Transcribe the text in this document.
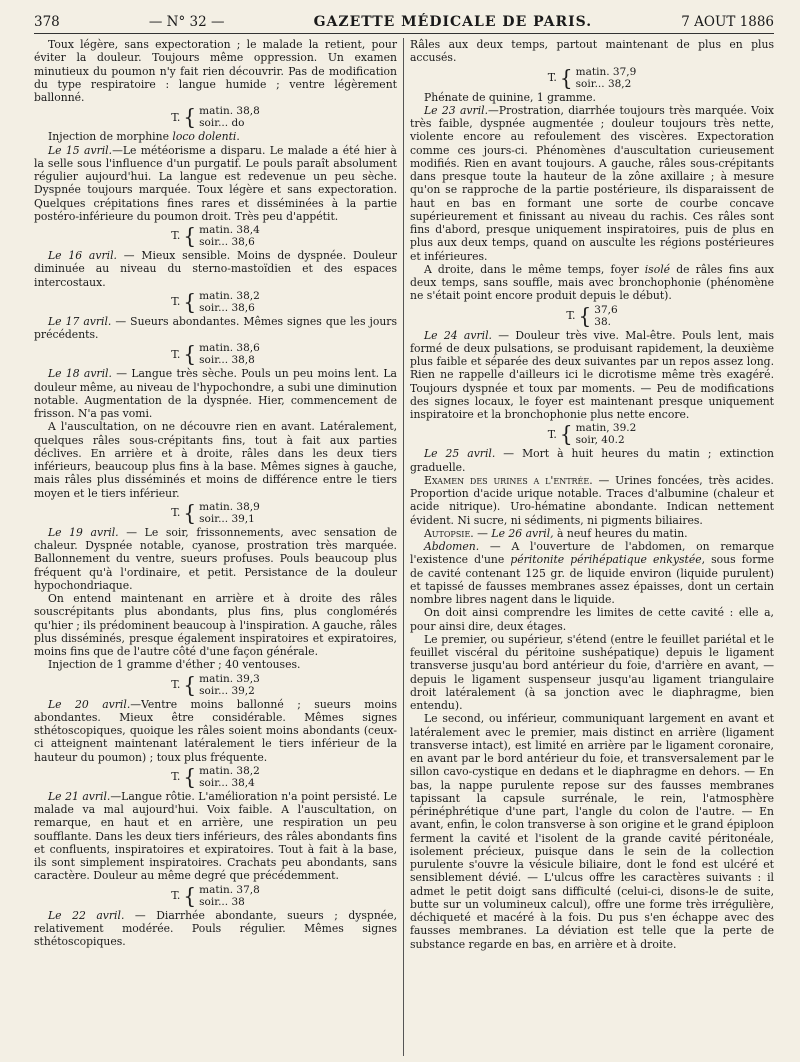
378	— N° 32 —	GAZETTE MÉDICALE DE PARIS.	7 AOUT 1886

Toux légère, sans expectoration ; le malade la retient, pour éviter la douleur. Toujours même oppression. Un examen minutieux du poumon n'y fait rien découvrir. Pas de modification du type respiratoire : langue humide ; ventre légèrement ballonné.

T. { matin. 38,8
soir... do

Injection de morphine loco dolenti.

Le 15 avril.—Le météorisme a disparu. Le malade a été hier à la selle sous l'influence d'un purgatif. Le pouls paraît absolument régulier aujourd'hui. La langue est redevenue un peu sèche. Dyspnée toujours marquée. Toux légère et sans expectoration. Quelques crépitations fines rares et disséminées à la partie postéro-inférieure du poumon droit. Très peu d'appétit.

T. { matin. 38,4
soir... 38,6

Le 16 avril. — Mieux sensible. Moins de dyspnée. Douleur diminuée au niveau du sterno-mastoïdien et des espaces intercostaux.

T. { matin. 38,2
soir... 38,6

Le 17 avril. — Sueurs abondantes. Mêmes signes que les jours précédents.

T. { matin. 38,6
soir... 38,8

Le 18 avril. — Langue très sèche. Pouls un peu moins lent. La douleur même, au niveau de l'hypochondre, a subi une diminution notable. Augmentation de la dyspnée. Hier, commencement de frisson. N'a pas vomi.

A l'auscultation, on ne découvre rien en avant. Latéralement, quelques râles sous-crépitants fins, tout à fait aux parties déclives. En arrière et à droite, râles dans les deux tiers inférieurs, beaucoup plus fins à la base. Mêmes signes à gauche, mais râles plus disséminés et moins de différence entre le tiers moyen et le tiers inférieur.

T. { matin. 38,9
soir... 39,1

Le 19 avril. — Le soir, frissonnements, avec sensation de chaleur. Dyspnée notable, cyanose, prostration très marquée. Ballonnement du ventre, sueurs profuses. Pouls beaucoup plus fréquent qu'à l'ordinaire, et petit. Persistance de la douleur hypochondriaque.

On entend maintenant en arrière et à droite des râles souscrépitants plus abondants, plus fins, plus conglomérés qu'hier ; ils prédominent beaucoup à l'inspiration. A gauche, râles plus disséminés, presque également inspiratoires et expiratoires, moins fins que de l'autre côté d'une façon générale.

Injection de 1 gramme d'éther ; 40 ventouses.

T. { matin. 39,3
soir... 39,2

Le 20 avril.—Ventre moins ballonné ; sueurs moins abondantes. Mieux être considérable. Mêmes signes sthétoscopiques, quoique les râles soient moins abondants (ceux-ci atteignent maintenant latéralement le tiers inférieur de la hauteur du poumon) ; toux plus fréquente.

T. { matin. 38,2
soir... 38,4

Le 21 avril.—Langue rôtie. L'amélioration n'a point persisté. Le malade va mal aujourd'hui. Voix faible. A l'auscultation, on remarque, en haut et en arrière, une respiration un peu soufflante. Dans les deux tiers inférieurs, des râles abondants fins et confluents, inspiratoires et expiratoires. Tout à fait à la base, ils sont simplement inspiratoires. Crachats peu abondants, sans caractère. Douleur au même degré que précédemment.

T. { matin. 37,8
soir... 38

Le 22 avril. — Diarrhée abondante, sueurs ; dyspnée, relativement modérée. Pouls régulier. Mêmes signes sthétoscopiques.

Râles aux deux temps, partout maintenant de plus en plus accusés.

T. { matin. 37,9
soir... 38,2

Phénate de quinine, 1 gramme.

Le 23 avril.—Prostration, diarrhée toujours très marquée. Voix très faible, dyspnée augmentée ; douleur toujours très nette, violente encore au refoulement des viscères. Expectoration comme ces jours-ci. Phénomènes d'auscultation curieusement modifiés. Rien en avant toujours. A gauche, râles sous-crépitants dans presque toute la hauteur de la zône axillaire ; à mesure qu'on se rapproche de la partie postérieure, ils disparaissent de haut en bas en formant une sorte de courbe concave supérieurement et finissant au niveau du rachis. Ces râles sont fins d'abord, presque uniquement inspiratoires, puis de plus en plus aux deux temps, quand on ausculte les régions postérieures et inférieures.

A droite, dans le même temps, foyer isolé de râles fins aux deux temps, sans souffle, mais avec bronchophonie (phénomène ne s'était point encore produit depuis le début).

T. { 37,6
38.

Le 24 avril. — Douleur très vive. Mal-être. Pouls lent, mais formé de deux pulsations, se produisant rapidement, la deuxième plus faible et séparée des deux suivantes par un repos assez long. Rien ne rappelle d'ailleurs ici le dicrotisme même très exagéré. Toujours dyspnée et toux par moments. — Peu de modifications des signes locaux, le foyer est maintenant presque uniquement inspiratoire et la bronchophonie plus nette encore.

T. { matin, 39.2
soir, 40.2

Le 25 avril. — Mort à huit heures du matin ; extinction graduelle.

Examen des urines a l'entrée. — Urines foncées, très acides. Proportion d'acide urique notable. Traces d'albumine (chaleur et acide nitrique). Uro-hématine abondante. Indican nettement évident. Ni sucre, ni sédiments, ni pigments biliaires.

Autopsie. — Le 26 avril, à neuf heures du matin.

Abdomen. — A l'ouverture de l'abdomen, on remarque l'existence d'une péritonite périhépatique enkystée, sous forme de cavité contenant 125 gr. de liquide environ (liquide purulent) et tapissé de fausses membranes assez épaisses, dont un certain nombre libres nagent dans le liquide.

On doit ainsi comprendre les limites de cette cavité : elle a, pour ainsi dire, deux étages.

Le premier, ou supérieur, s'étend (entre le feuillet pariétal et le feuillet viscéral du péritoine sushépatique) depuis le ligament transverse jusqu'au bord antérieur du foie, d'arrière en avant, — depuis le ligament suspenseur jusqu'au ligament triangulaire droit latéralement (à sa jonction avec le diaphragme, bien entendu).

Le second, ou inférieur, communiquant largement en avant et latéralement avec le premier, mais distinct en arrière (ligament transverse intact), est limité en arrière par le ligament coronaire, en avant par le bord antérieur du foie, et transversalement par le sillon cavo-cystique en dedans et le diaphragme en dehors. — En bas, la nappe purulente repose sur des fausses membranes tapissant la capsule surrénale, le rein, l'atmosphère périnéphrétique d'une part, l'angle du colon de l'autre. — En avant, enfin, le colon transverse à son origine et le grand épiploon ferment la cavité et l'isolent de la grande cavité péritonéale, isolement précieux, puisque dans le sein de la collection purulente s'ouvre la vésicule biliaire, dont le fond est ulcéré et sensiblement dévié. — L'ulcus offre les caractères suivants : il admet le petit doigt sans difficulté (celui-ci, disons-le de suite, butte sur un volumineux calcul), offre une forme très irrégulière, déchiqueté et macéré à la fois. Du pus s'en échappe avec des fausses membranes. La déviation est telle que la perte de substance regarde en bas, en arrière et à droite.
